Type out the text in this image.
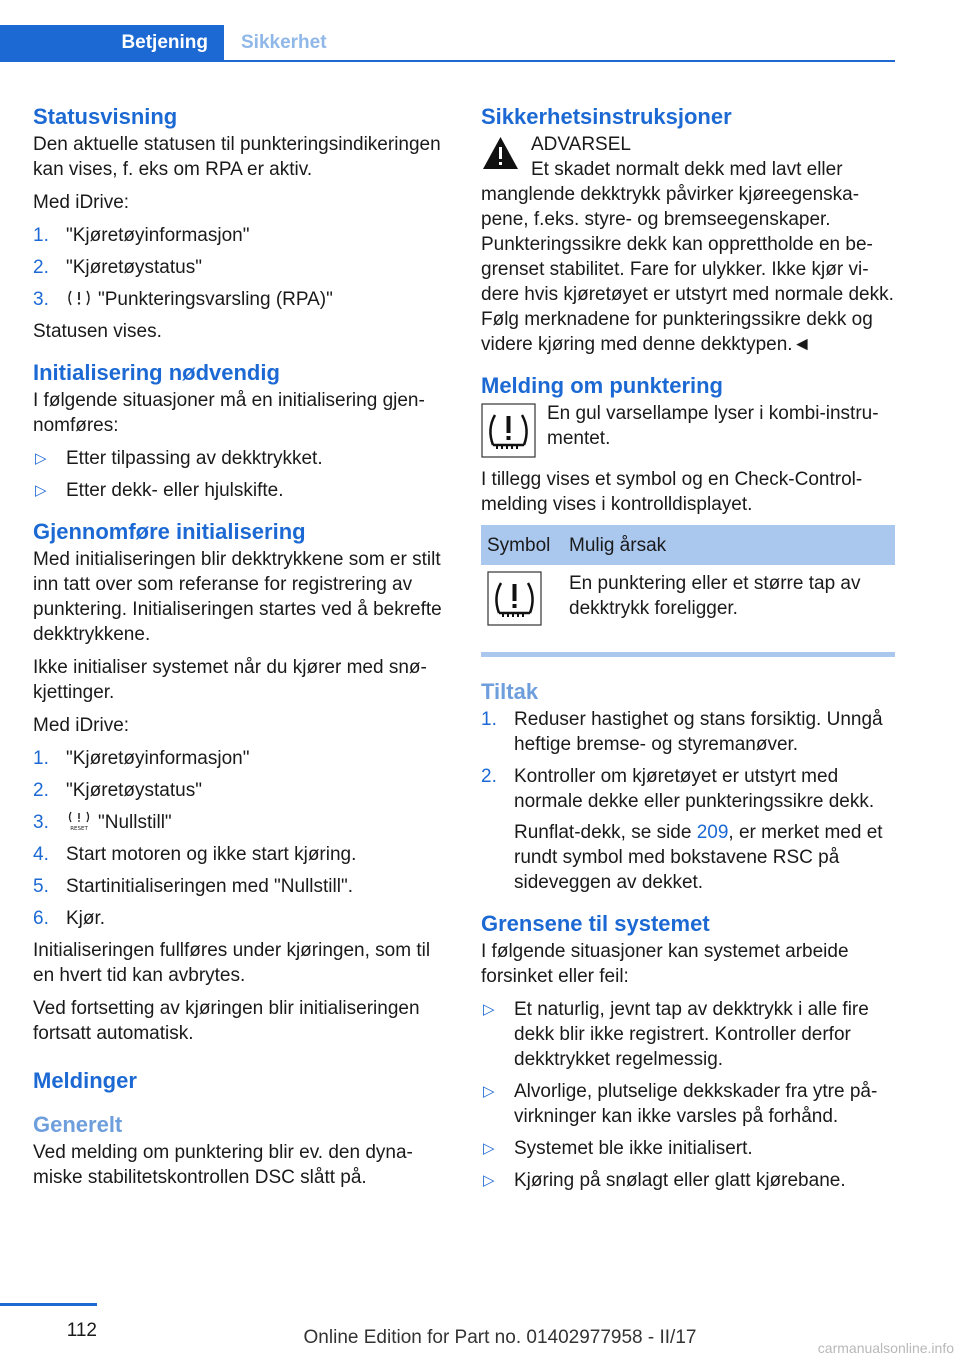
Betjening	Sikkerhet
Statusvisning

Den aktuelle statusen til punkteringsindikeringen kan vises, f. eks om RPA er aktiv.

Med iDrive:

1. "Kjøretøyinformasjon"
2. "Kjøretøystatus"
3.	"Punkteringsvarsling (RPA)"

Statusen vises.

Initialisering nødvendig

I følgende situasjoner må en initialisering gjennomføres:

▷ Etter tilpassing av dekktrykket.
▷ Etter dekk- eller hjulskifte.
Gjennomføre initialisering

Med initialiseringen blir dekktrykkene som er stilt inn tatt over som referanse for registrering av punktering. Initialiseringen startes ved å bekrefte dekktrykkene.

Ikke initialiser systemet når du kjører med snøkjettinger.

Med iDrive:

1. "Kjøretøyinformasjon"
2. "Kjøretøystatus"
3.	RESET "Nullstill"
4. Start motoren og ikke start kjøring.
5. Startinitialiseringen med "Nullstill".
6. Kjør.

Initialiseringen fullføres under kjøringen, som til en hvert tid kan avbrytes.

Ved fortsetting av kjøringen blir initialiseringen fortsatt automatisk.

Meldinger
Generelt

Ved melding om punktering blir ev. den dynamiske stabilitetskontrollen DSC slått på.

Sikkerhetsinstruksjoner
ADVARSEL
Et skadet normalt dekk med lavt eller

manglende dekktrykk påvirker kjøreegenskapene, f.eks. styre- og bremseegenskaper. Punkteringssikre dekk kan opprettholde en begrenset stabilitet. Fare for ulykker. Ikke kjør videre hvis kjøretøyet er utstyrt med normale dekk. Følg merknadene for punkteringssikre dekk og videre kjøring med denne dekktypen.◄

Melding om punktering
En gul varsellampe lyser i kombi-instrumentet.

I tillegg vises et symbol og en Check-Control-melding vises i kontrolldisplayet.

Symbol	Mulig årsak
	En punktering eller et større tap av dekktrykk foreligger.
Tiltak
1. Reduser hastighet og stans forsiktig. Unngå heftige bremse- og styremanøver.
2. Kontroller om kjøretøyet er utstyrt med normale dekke eller punkteringssikre dekk.

Runflat-dekk, se side 209, er merket med et rundt symbol med bokstavene RSC på sideveggen av dekket.

Grensene til systemet

I følgende situasjoner kan systemet arbeide forsinket eller feil:

▷ Et naturlig, jevnt tap av dekktrykk i alle fire dekk blir ikke registrert. Kontroller derfor dekktrykket regelmessig.
▷ Alvorlige, plutselige dekkskader fra ytre påvirkninger kan ikke varsles på forhånd.
▷ Systemet ble ikke initialisert.
▷ Kjøring på snølagt eller glatt kjørebane.
112	Online Edition for Part no. 01402977958 - II/17	carmanualsonline.info
